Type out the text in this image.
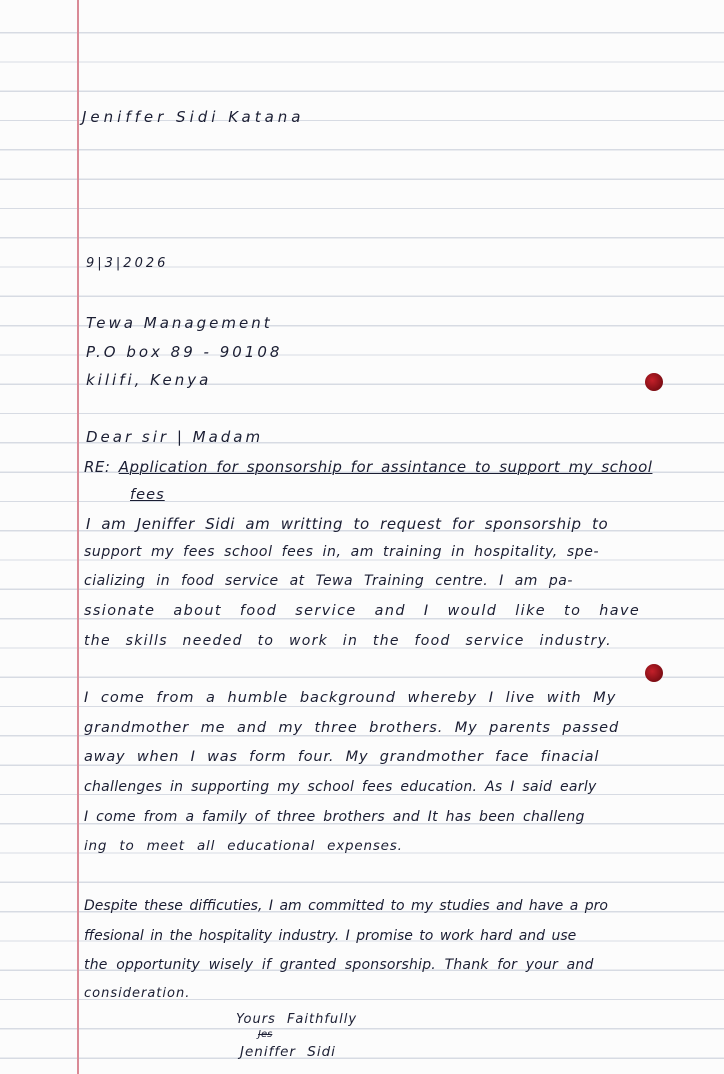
Jeniffer Sidi Katana
9|3|2026
Tewa Management
P.O box 89 - 90108
kilifi, Kenya
Dear sir | Madam
RE: Application for sponsorship for assintance to support my school
fees
I am Jeniffer Sidi am writting to request for sponsorship to
support my fees school fees in, am training in hospitality, spe-
cializing in food service at Tewa Training centre. I am pa-
ssionate about food service and I would like to have
the skills needed to work in the food service industry.
I come from a humble background whereby I live with My
grandmother me and my three brothers. My parents passed
away when I was form four. My grandmother face finacial
challenges in supporting my school fees education. As I said early
I come from a family of three brothers and It has been challeng
ing to meet all educational expenses.
Despite these difficuties, I am committed to my studies and have a pro
ffesional in the hospitality industry. I promise to work hard and use
the opportunity wisely if granted sponsorship. Thank for your and
consideration.
Yours Faithfully
Jes
Jeniffer Sidi
